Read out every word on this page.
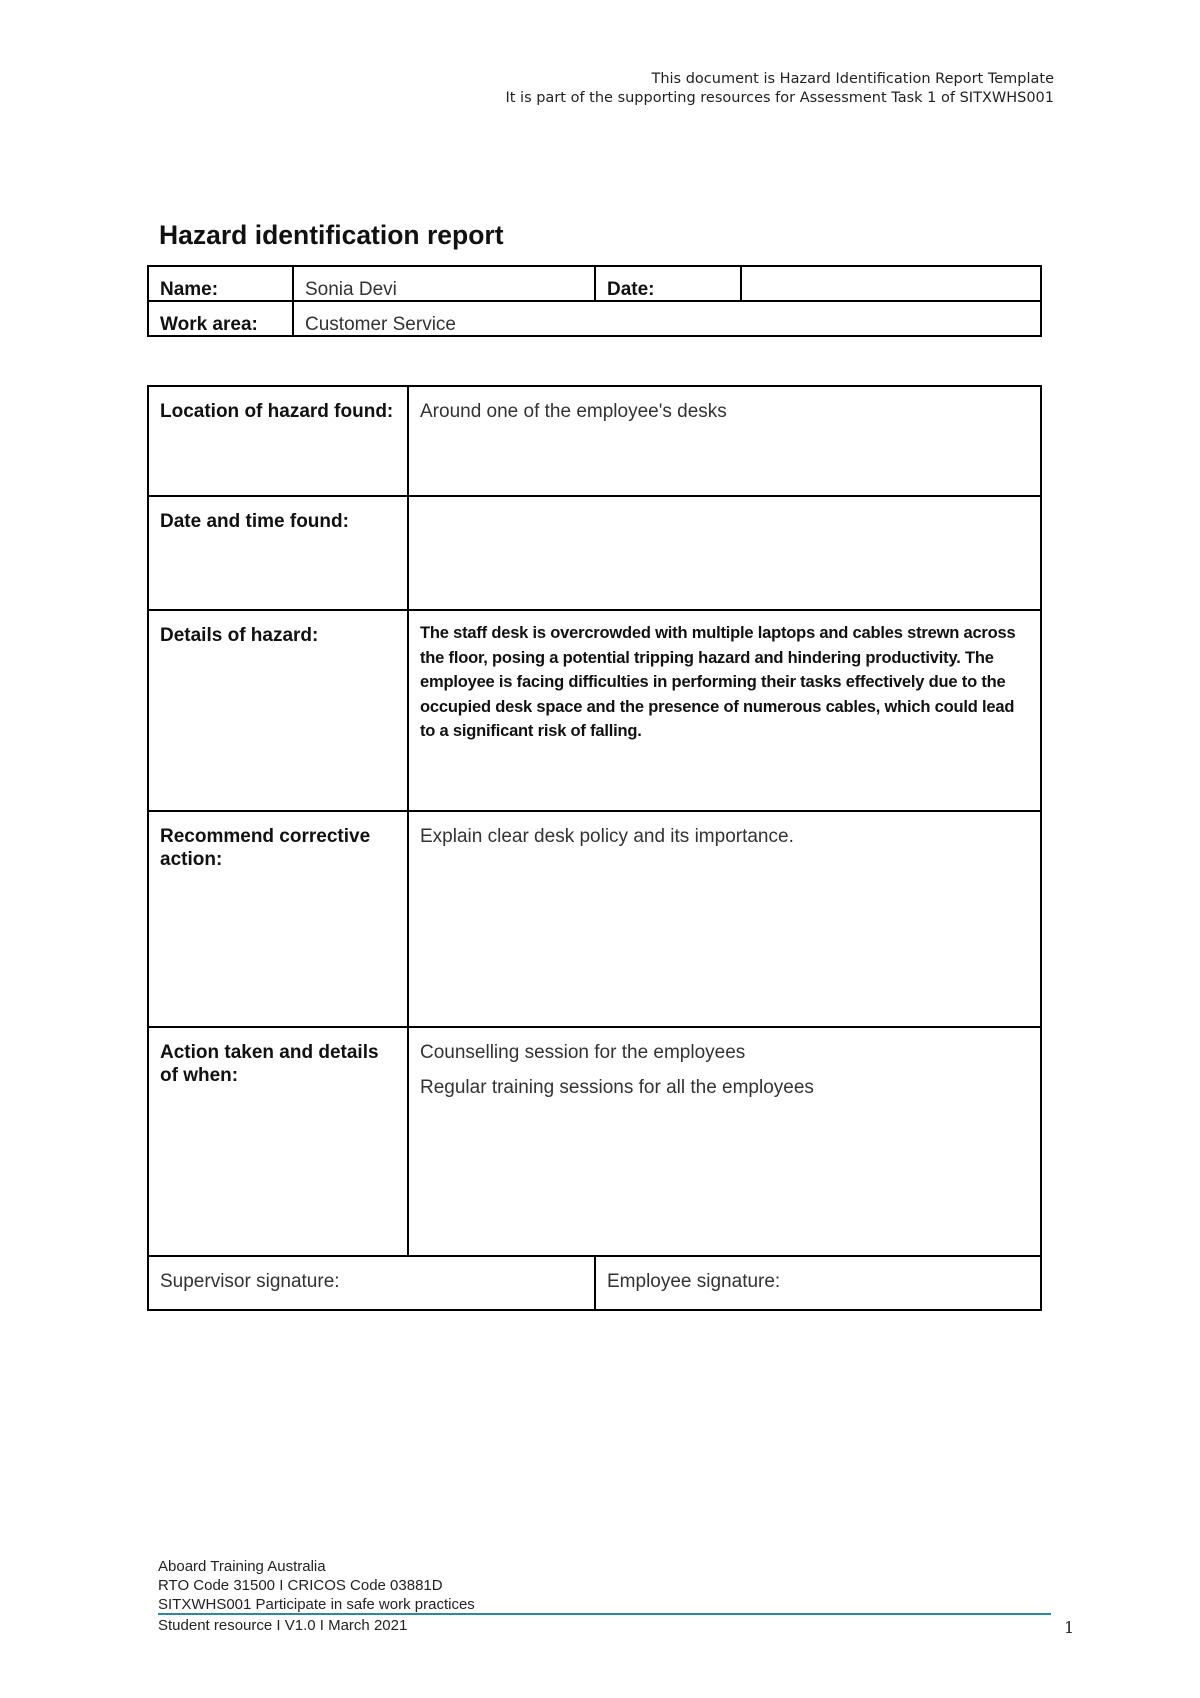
This document is Hazard Identification Report Template
It is part of the supporting resources for Assessment Task 1 of SITXWHS001
Hazard identification report
Name:	Sonia Devi	Date:	
Work area:	Customer Service		
Location of hazard found:	Around one of the employee's desks	
Date and time found:		
Details of hazard:	The staff desk is overcrowded with multiple laptops and cables strewn across the floor, posing a potential tripping hazard and hindering productivity. The employee is facing difficulties in performing their tasks effectively due to the occupied desk space and the presence of numerous cables, which could lead to a significant risk of falling.	

Recommend corrective action:	Explain clear desk policy and its importance.	
Action taken and details of when:	Counselling session for the employees
Regular training sessions for all the employees	

Supervisor signature:		Employee signature:
Aboard Training Australia
RTO Code 31500 I CRICOS Code 03881D
SITXWHS001 Participate in safe work practices
Student resource I V1.0 I March 2021	1
